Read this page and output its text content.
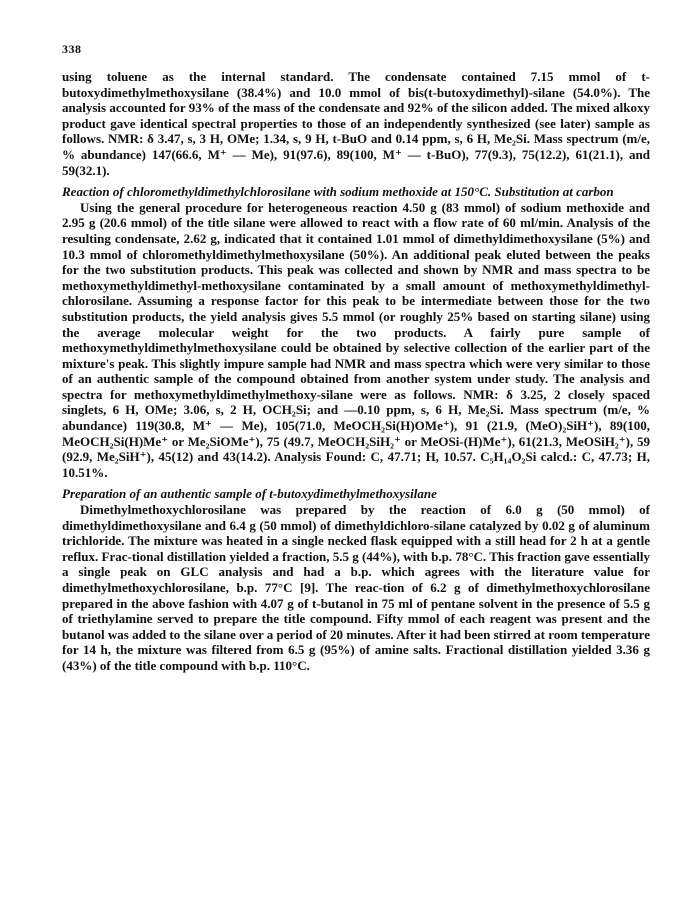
338

using toluene as the internal standard. The condensate contained 7.15 mmol of t-butoxydimethylmethoxysilane (38.4%) and 10.0 mmol of bis(t-butoxydimethyl)-silane (54.0%). The analysis accounted for 93% of the mass of the condensate and 92% of the silicon added. The mixed alkoxy product gave identical spectral properties to those of an independently synthesized (see later) sample as follows. NMR: δ 3.47, s, 3 H, OMe; 1.34, s, 9 H, t-BuO and 0.14 ppm, s, 6 H, Me₂Si. Mass spectrum (m/e, % abundance) 147(66.6, M⁺ — Me), 91(97.6), 89(100, M⁺ — t-BuO), 77(9.3), 75(12.2), 61(21.1), and 59(32.1).

Reaction of chloromethyldimethylchlorosilane with sodium methoxide at 150°C. Substitution at carbon

Using the general procedure for heterogeneous reaction 4.50 g (83 mmol) of sodium methoxide and 2.95 g (20.6 mmol) of the title silane were allowed to react with a flow rate of 60 ml/min. Analysis of the resulting condensate, 2.62 g, indicated that it contained 1.01 mmol of dimethyldimethoxysilane (5%) and 10.3 mmol of chloromethyldimethylmethoxysilane (50%). An additional peak eluted between the peaks for the two substitution products. This peak was collected and shown by NMR and mass spectra to be methoxymethyldimethyl-methoxysilane contaminated by a small amount of methoxymethyldimethyl-chlorosilane. Assuming a response factor for this peak to be intermediate between those for the two substitution products, the yield analysis gives 5.5 mmol (or roughly 25% based on starting silane) using the average molecular weight for the two products. A fairly pure sample of methoxymethyldimethylmethoxysilane could be obtained by selective collection of the earlier part of the mixture's peak. This slightly impure sample had NMR and mass spectra which were very similar to those of an authentic sample of the compound obtained from another system under study. The analysis and spectra for methoxymethyldimethylmethoxy-silane were as follows. NMR: δ 3.25, 2 closely spaced singlets, 6 H, OMe; 3.06, s, 2 H, OCH₂Si; and —0.10 ppm, s, 6 H, Me₂Si. Mass spectrum (m/e, % abundance) 119(30.8, M⁺ — Me), 105(71.0, MeOCH₂Si(H)OMe⁺), 91 (21.9, (MeO)₂SiH⁺), 89(100, MeOCH₂Si(H)Me⁺ or Me₂SiOMe⁺), 75 (49.7, MeOCH₂SiH₂⁺ or MeOSi-(H)Me⁺), 61(21.3, MeOSiH₂⁺), 59 (92.9, Me₂SiH⁺), 45(12) and 43(14.2). Analysis Found: C, 47.71; H, 10.57. C₅H₁₄O₂Si calcd.: C, 47.73; H, 10.51%.

Preparation of an authentic sample of t-butoxydimethylmethoxysilane

Dimethylmethoxychlorosilane was prepared by the reaction of 6.0 g (50 mmol) of dimethyldimethoxysilane and 6.4 g (50 mmol) of dimethyldichloro-silane catalyzed by 0.02 g of aluminum trichloride. The mixture was heated in a single necked flask equipped with a still head for 2 h at a gentle reflux. Frac-tional distillation yielded a fraction, 5.5 g (44%), with b.p. 78°C. This fraction gave essentially a single peak on GLC analysis and had a b.p. which agrees with the literature value for dimethylmethoxychlorosilane, b.p. 77°C [9]. The reac-tion of 6.2 g of dimethylmethoxychlorosilane prepared in the above fashion with 4.07 g of t-butanol in 75 ml of pentane solvent in the presence of 5.5 g of triethylamine served to prepare the title compound. Fifty mmol of each reagent was present and the butanol was added to the silane over a period of 20 minutes. After it had been stirred at room temperature for 14 h, the mixture was filtered from 6.5 g (95%) of amine salts. Fractional distillation yielded 3.36 g (43%) of the title compound with b.p. 110°C.
